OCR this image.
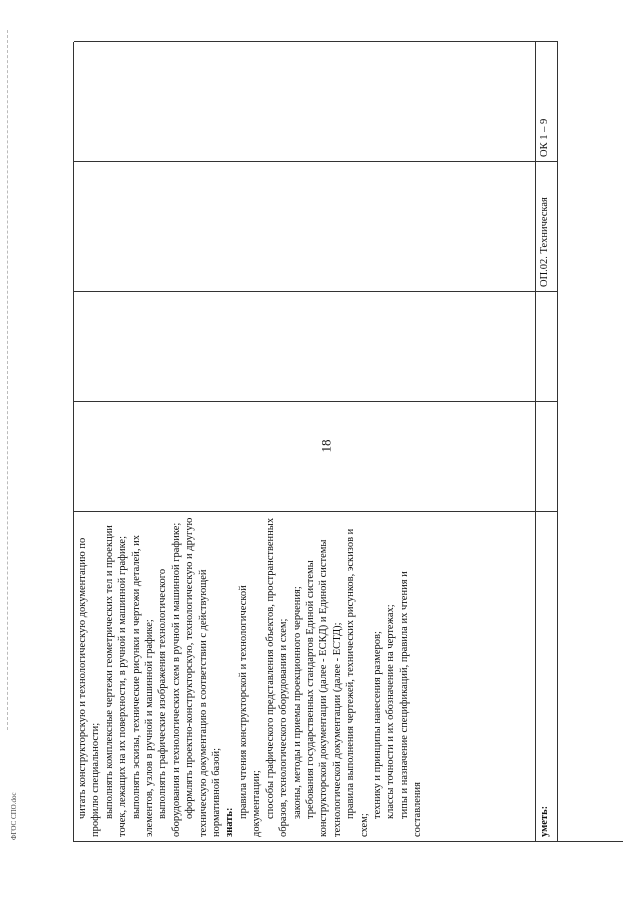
читать конструкторскую и технологическую документацию по профилю специальности; выполнять комплексные чертежи геометрических тел и проекции точек, лежащих на их поверхности, в ручной и машинной графике; выполнять эскизы, технические рисунки и чертежи деталей, их элементов, узлов в ручной и машинной графике; выполнять графические изображения технологического оборудования и технологических схем в ручной и машинной графике; оформлять проектно-конструкторскую, технологическую и другую техническую документацию в соответствии с действующей нормативной базой; знать:

правила чтения конструкторской и технологической документации; способы графического представления объектов, пространственных образов, технологического оборудования и схем; законы, методы и приемы проекционного черчения; требования государственных стандартов Единой системы конструкторской документации (далее - ЕСКД) и Единой системы технологической документации (далее - ЕСТД); правила выполнения чертежей, технических рисунков, эскизов и схем;

технику и принципы нанесения размеров; классы точности и их обозначение на чертежах; типы и назначение спецификаций, правила их чтения и составления	уметь:
ОП.02. Техническая
ОК 1 – 9
18
ФГОС СПО.doc
